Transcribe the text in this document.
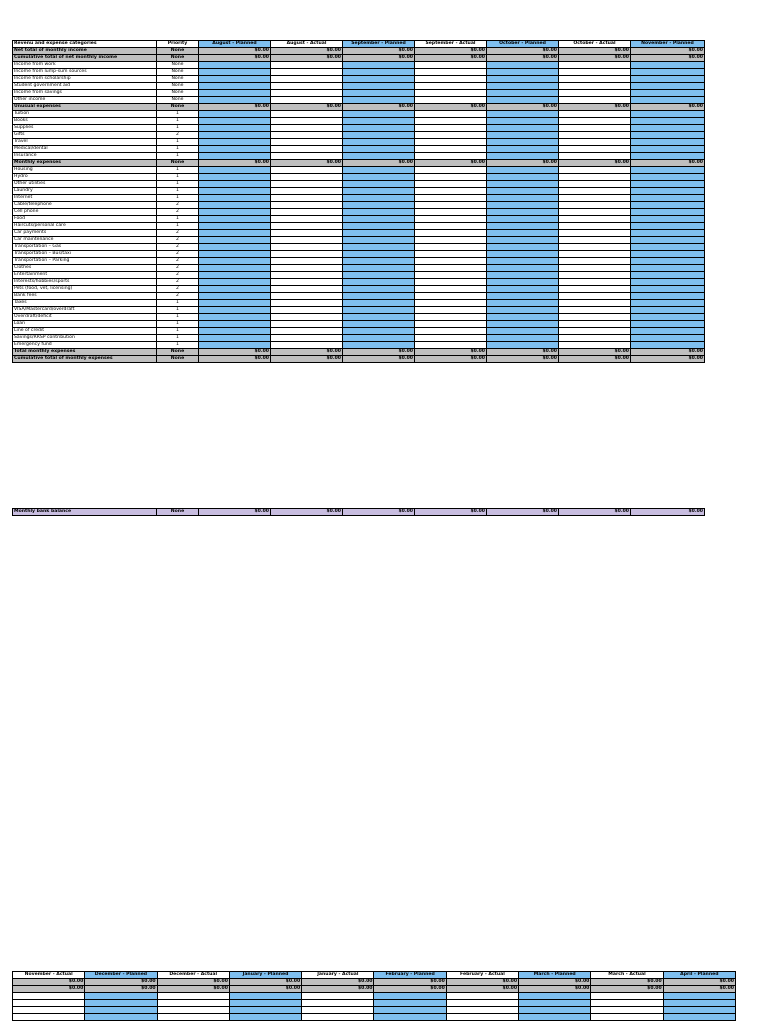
Revenu and expense categories	Priority	August - Planned	August - Actual	September - Planned	September - Actual	October - Planned	October - Actual	November - Planned
Net total of monthly income	None	$0.00	$0.00	$0.00	$0.00	$0.00	$0.00	$0.00
Cumulative total of net monthly income	None	$0.00	$0.00	$0.00	$0.00	$0.00	$0.00	$0.00
Income from work	None							
Income from lump-sum sources	None							
Income from scholarship	None							
Student government aid	None							
Income from savings	None							
Other income	None							
Unusual expenses	None	$0.00	$0.00	$0.00	$0.00	$0.00	$0.00	$0.00
Tuition	1							
Books	1							
Supplies	1							
Gifts	2							
Travel	1							
Medical/dental	1							
Insurance	1							
Monthly expenses	None	$0.00	$0.00	$0.00	$0.00	$0.00	$0.00	$0.00
Housing	1							
Hydro	1							
Other utilities	1							
Laundry	1							
Internet	1							
Cable/telephone	2							
Cell phone	2							
Food	1							
Haircuts/personal care	1							
Car payments	2							
Car maintenance	2							
Transportation – Gas	2							
Transportation – Bus/taxi	2							
Transportation – Parking	2							
Clothes	2							
Entertainment	2							
Interests/hobbies/sports	2							
Pets (food, vet, licensing)	2							
Bank fees	2							
Taxes	1							
VISA/Mastercard/overdraft	1							
Overdraft/deficit	1							
Loan	1							
Line of credit	1							
Savings/RRSP contribution	1							
Emergency fund	1							
Total monthly expenses	None	$0.00	$0.00	$0.00	$0.00	$0.00	$0.00	$0.00
Cumulative total of monthly expenses	None	$0.00	$0.00	$0.00	$0.00	$0.00	$0.00	$0.00
Monthly bank balance	None	$0.00	$0.00	$0.00	$0.00	$0.00	$0.00	$0.00
November - Actual	December - Planned	December - Actual	January - Planned	January - Actual	February - Planned	February - Actual	March - Planned	March - Actual	April - Planned
$0.00	$0.00	$0.00	$0.00	$0.00	$0.00	$0.00	$0.00	$0.00	$0.00
$0.00	$0.00	$0.00	$0.00	$0.00	$0.00	$0.00	$0.00	$0.00	$0.00
